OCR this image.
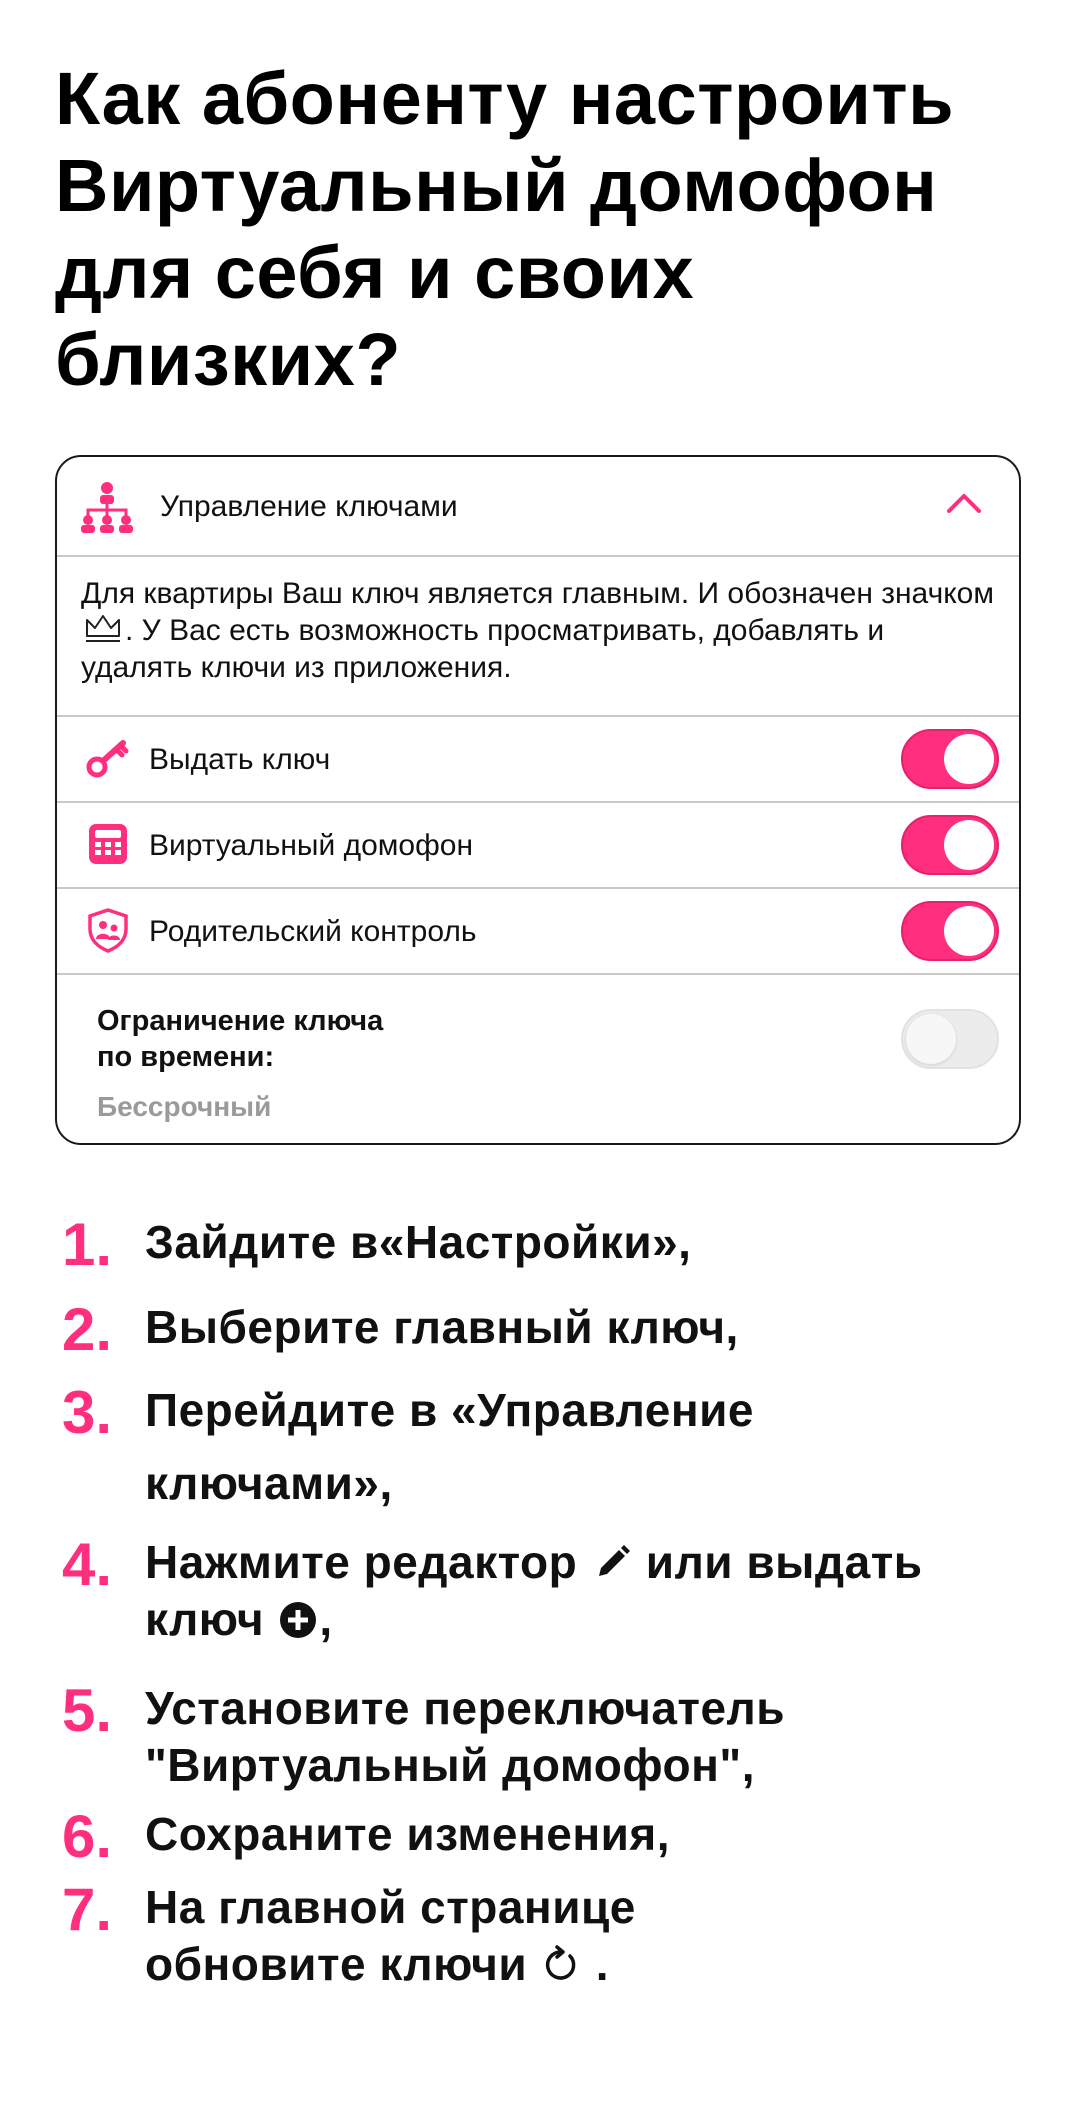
Как абоненту настроить Виртуальный домофон для себя и своих близких?
Управление ключами

Для квартиры Ваш ключ является главным. И обозначен значком . У Вас есть возможность просматривать, добавлять и удалять ключи из приложения.

Выдать ключ
Виртуальный домофон
Родительский контроль
Ограничение ключа по времени:
Бессрочный
1. Зайдите в«Настройки»,
2. Выберите главный ключ,
3. Перейдите в «Управление
ключами»,
4. Нажмите редактор или выдать
ключ ,
5. Установите переключатель
"Виртуальный домофон",
6. Сохраните изменения,
7. На главной странице
обновите ключи .
